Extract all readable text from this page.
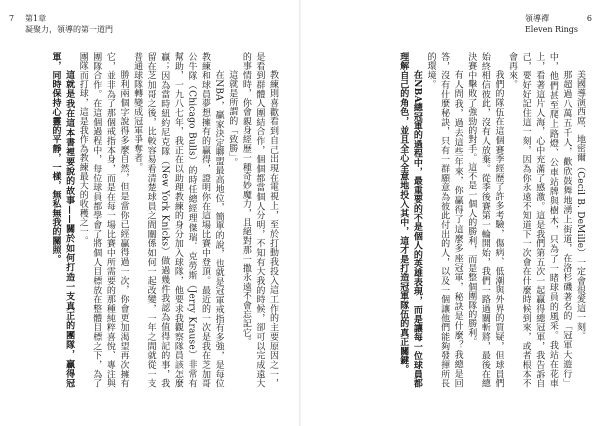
7 第1章
凝聚力，領導的第一道門

教練則喜歡看到自己出現在電視上，至於打動我投入這工作的主要原因之一，是看到群體人團結合作，個個都當個人分明，不知有大我的時候，卻可以完成遠大的事情時，你會親身經歷一種奇妙魔力，且絕對那一撒永遠不會忘記它。

這就是所謂的「致勝」。

在NBA，贏家決定聯盟最高地位，簡單的說，也就是冠軍戒指有多強，是每位教練和球員夢想擁有的贏得，證明你在這場比賽中登頂。最近的一次是我在芝加哥公牛隊（Chicago Bulls）的時任總經理傑瑞．克勞斯（Jerry Krause）非常有幫助，一九八七年，我正在以助理教練的身分加入球隊，他要求我觀察隊員該怎麼贏；因為當時紐約尼克隊（New York Knicks）做過幾件我認為值得記的事，我留在芝加哥之後，比較容易看清楚球員之間關係如何一起改變，一年之間就從一支普通球隊轉變成冠軍爭奪者。

勝利兩個字說得多麼自然，但是當你已經贏得過一次，你會更加渴望再次擁有它，並非為了那個戒指本身，而是在每一場比賽中所需要的那種純粹喜悅、專注與團隊合作。在這個過程中，每位球員都學會了將個人目標放在整體目標之下，為了團隊而打球，這是我作為教練最大的收穫之一。

這就是我在這本書裡要說的故事——關於如何打造一支真正的團隊，贏得冠軍，同時保持心靈的平靜，一樣，無私無我的關照。

領導禪
Eleven Rings
6

美國導演西席．地密爾（Cecil B. DeMille）一定會很愛這一刻。

那超過八萬五千人，歡欣鼓舞地湧上街道，在洛杉磯著名的「冠軍大遊行」中，他們甚至爬上路燈、公車站牌與樹木，只為了一睹球員的風采。我站在花車上，看著這片人海，心中充滿了感激。這是我們第五次一起贏得總冠軍，我告訴自己，要好好記住這一刻，因為你永遠不知道下一次會在什麼時候到來，或者根本不會再來。

我們的隊伍在這個賽季經歷了許多考驗，傷病、低潮與外界的質疑，但球員們始終相信彼此，沒有人放棄。從季後賽第一輪開始，我們一路過關斬將，最後在總決賽中擊敗了強勁的對手。這不是一個人的勝利，而是整個團隊的勝利。

有人問我，過去這些年來，你贏得了這麼多座冠軍，秘訣是什麼？我總是回答，沒有什麼秘訣，只有一群願意為彼此付出的人，以及一個讓他們能夠發揮所長的環境。

在NBA總冠軍的過程中，最重要的不是個人的英雄表現，而是讓每一位球員都理解自己的角色，並且全心全意地投入其中，這才是打造冠軍隊伍的真正關鍵。
